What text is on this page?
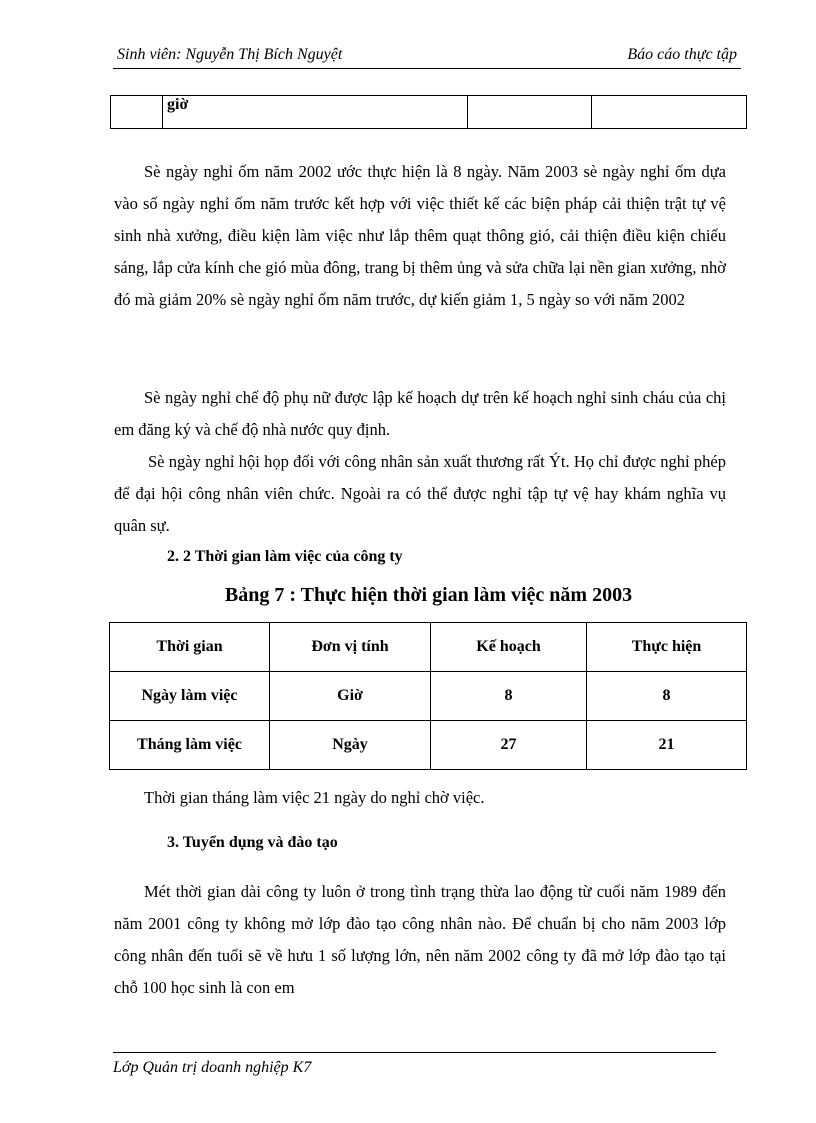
Sinh viên: Nguyễn Thị Bích Nguyệt	Báo cáo thực tập
	giờ		

Sè ngày nghỉ ốm năm 2002 ước thực hiện là 8 ngày. Năm 2003 sè ngày nghỉ ốm dựa vào số ngày nghỉ ốm năm trước kết hợp với việc thiết kế các biện pháp cải thiện trật tự vệ sinh nhà xưởng, điều kiện làm việc như lắp thêm quạt thông gió, cải thiện điều kiện chiếu sáng, lắp cửa kính che gió mùa đông, trang bị thêm ủng và sửa chữa lại nền gian xưởng, nhờ đó mà giảm 20% sè ngày nghỉ ốm năm trước, dự kiến giảm 1, 5 ngày so với năm 2002

Sè ngày nghỉ chế độ phụ nữ được lập kế hoạch dự trên kế hoạch nghỉ sinh cháu của chị em đăng ký và chế độ nhà nước quy định.

Sè ngày nghỉ hội họp đối với công nhân sản xuất thương rất Ýt. Họ chỉ được nghỉ phép để đại hội công nhân viên chức. Ngoài ra có thể được nghỉ tập tự vệ hay khám nghĩa vụ quân sự.

2. 2 Thời gian làm việc của công ty
Bảng 7 : Thực hiện thời gian làm việc năm 2003
Thời gian	Đơn vị tính	Kế hoạch	Thực hiện
Ngày làm việc	Giờ	8	8
Tháng làm việc	Ngày	27	21

Thời gian tháng làm việc 21 ngày do nghỉ chờ việc.

3. Tuyển dụng và đào tạo

Mét thời gian dài công ty luôn ở trong tình trạng thừa lao động từ cuối năm 1989 đến năm 2001 công ty không mở lớp đào tạo công nhân nào. Để chuẩn bị cho năm 2003 lớp công nhân đến tuổi sẽ về hưu 1 số lượng lớn, nên năm 2002 công ty đã mở lớp đào tạo tại chỗ 100 học sinh là con em

Lớp Quản trị doanh nghiệp K7
